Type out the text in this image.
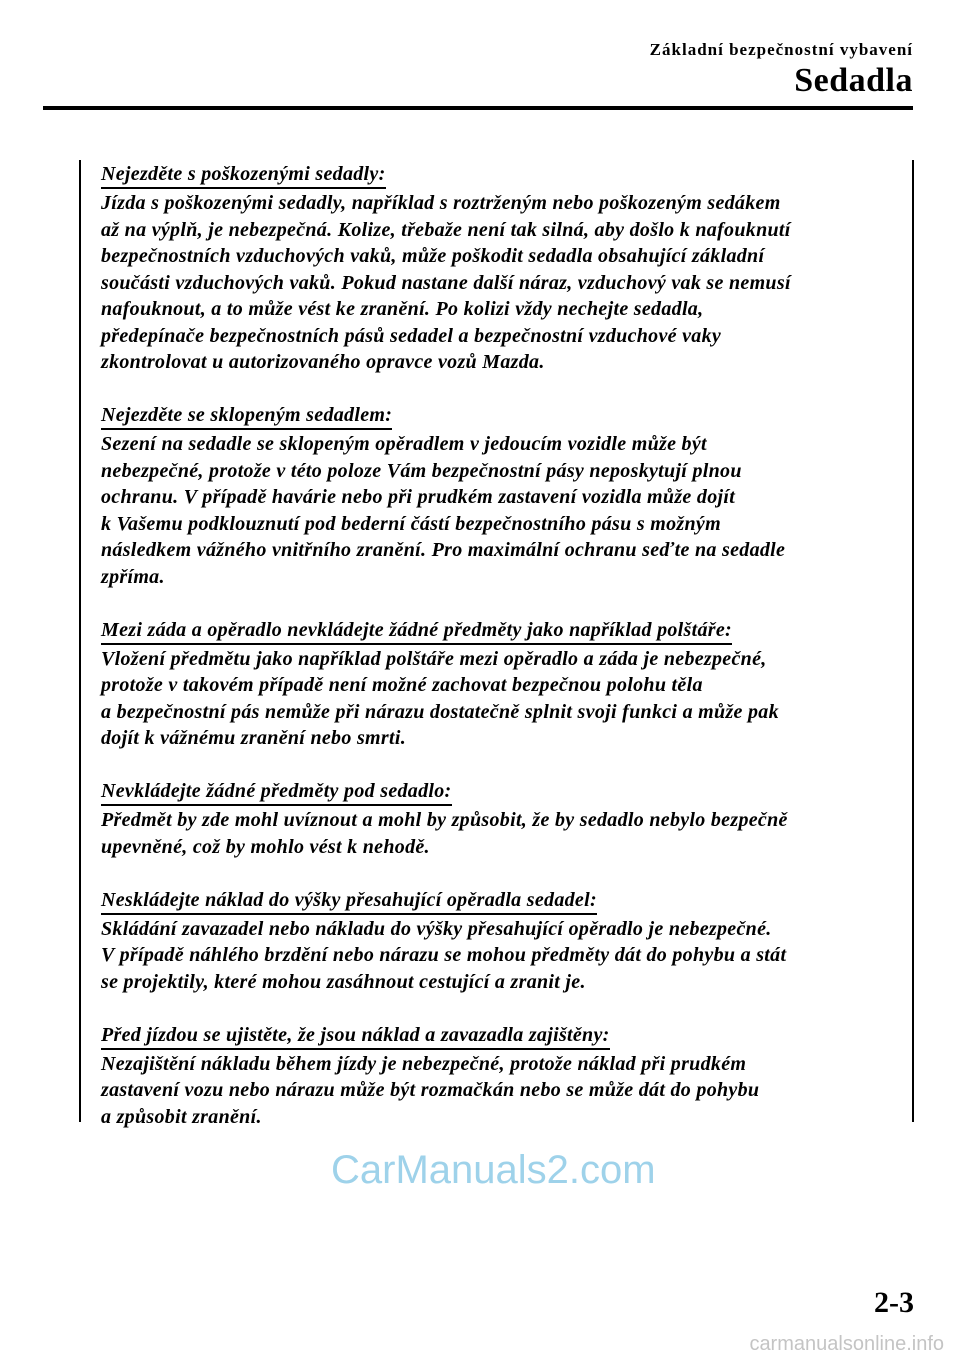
Základní bezpečnostní vybavení
Sedadla
Nejezděte s poškozenými sedadly:
Jízda s poškozenými sedadly, například s roztrženým nebo poškozeným sedákem
až na výplň, je nebezpečná. Kolize, třebaže není tak silná, aby došlo k nafouknutí
bezpečnostních vzduchových vaků, může poškodit sedadla obsahující základní
součásti vzduchových vaků. Pokud nastane další náraz, vzduchový vak se nemusí
nafouknout, a to může vést ke zranění. Po kolizi vždy nechejte sedadla,
předepínače bezpečnostních pásů sedadel a bezpečnostní vzduchové vaky
zkontrolovat u autorizovaného opravce vozů Mazda.
Nejezděte se sklopeným sedadlem:
Sezení na sedadle se sklopeným opěradlem v jedoucím vozidle může být
nebezpečné, protože v této poloze Vám bezpečnostní pásy neposkytují plnou
ochranu. V případě havárie nebo při prudkém zastavení vozidla může dojít
k Vašemu podklouznutí pod bederní částí bezpečnostního pásu s možným
následkem vážného vnitřního zranění. Pro maximální ochranu seďte na sedadle
zpříma.
Mezi záda a opěradlo nevkládejte žádné předměty jako například polštáře:
Vložení předmětu jako například polštáře mezi opěradlo a záda je nebezpečné,
protože v takovém případě není možné zachovat bezpečnou polohu těla
a bezpečnostní pás nemůže při nárazu dostatečně splnit svoji funkci a může pak
dojít k vážnému zranění nebo smrti.
Nevkládejte žádné předměty pod sedadlo:
Předmět by zde mohl uvíznout a mohl by způsobit, že by sedadlo nebylo bezpečně
upevněné, což by mohlo vést k nehodě.
Neskládejte náklad do výšky přesahující opěradla sedadel:
Skládání zavazadel nebo nákladu do výšky přesahující opěradlo je nebezpečné.
V případě náhlého brzdění nebo nárazu se mohou předměty dát do pohybu a stát
se projektily, které mohou zasáhnout cestující a zranit je.
Před jízdou se ujistěte, že jsou náklad a zavazadla zajištěny:
Nezajištění nákladu během jízdy je nebezpečné, protože náklad při prudkém
zastavení vozu nebo nárazu může být rozmačkán nebo se může dát do pohybu
a způsobit zranění.
CarManuals2.com
2-3
carmanualsonline.info
